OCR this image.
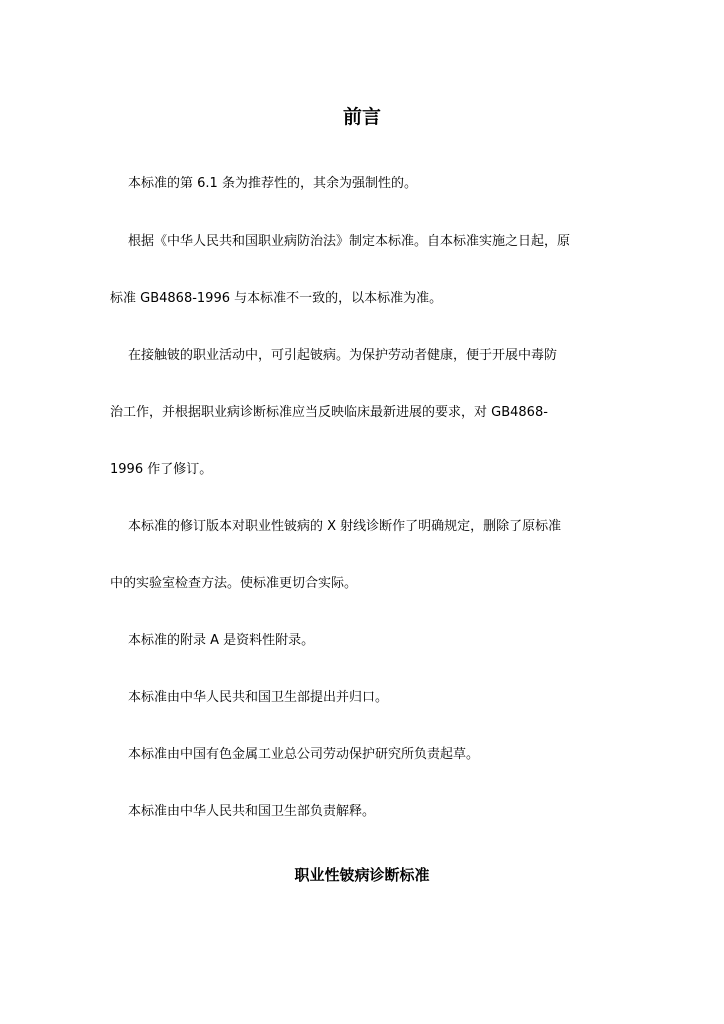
前言

本标准的第 6.1 条为推荐性的，其余为强制性的。

根据《中华人民共和国职业病防治法》制定本标准。自本标准实施之日起，原

标准 GB4868-1996 与本标准不一致的，以本标准为准。

在接触铍的职业活动中，可引起铍病。为保护劳动者健康，便于开展中毒防

治工作，并根据职业病诊断标准应当反映临床最新进展的要求，对 GB4868-

1996 作了修订。

本标准的修订版本对职业性铍病的 X 射线诊断作了明确规定，删除了原标准

中的实验室检查方法。使标准更切合实际。

本标准的附录 A 是资料性附录。

本标准由中华人民共和国卫生部提出并归口。

本标准由中国有色金属工业总公司劳动保护研究所负责起草。

本标准由中华人民共和国卫生部负责解释。

职业性铍病诊断标准
